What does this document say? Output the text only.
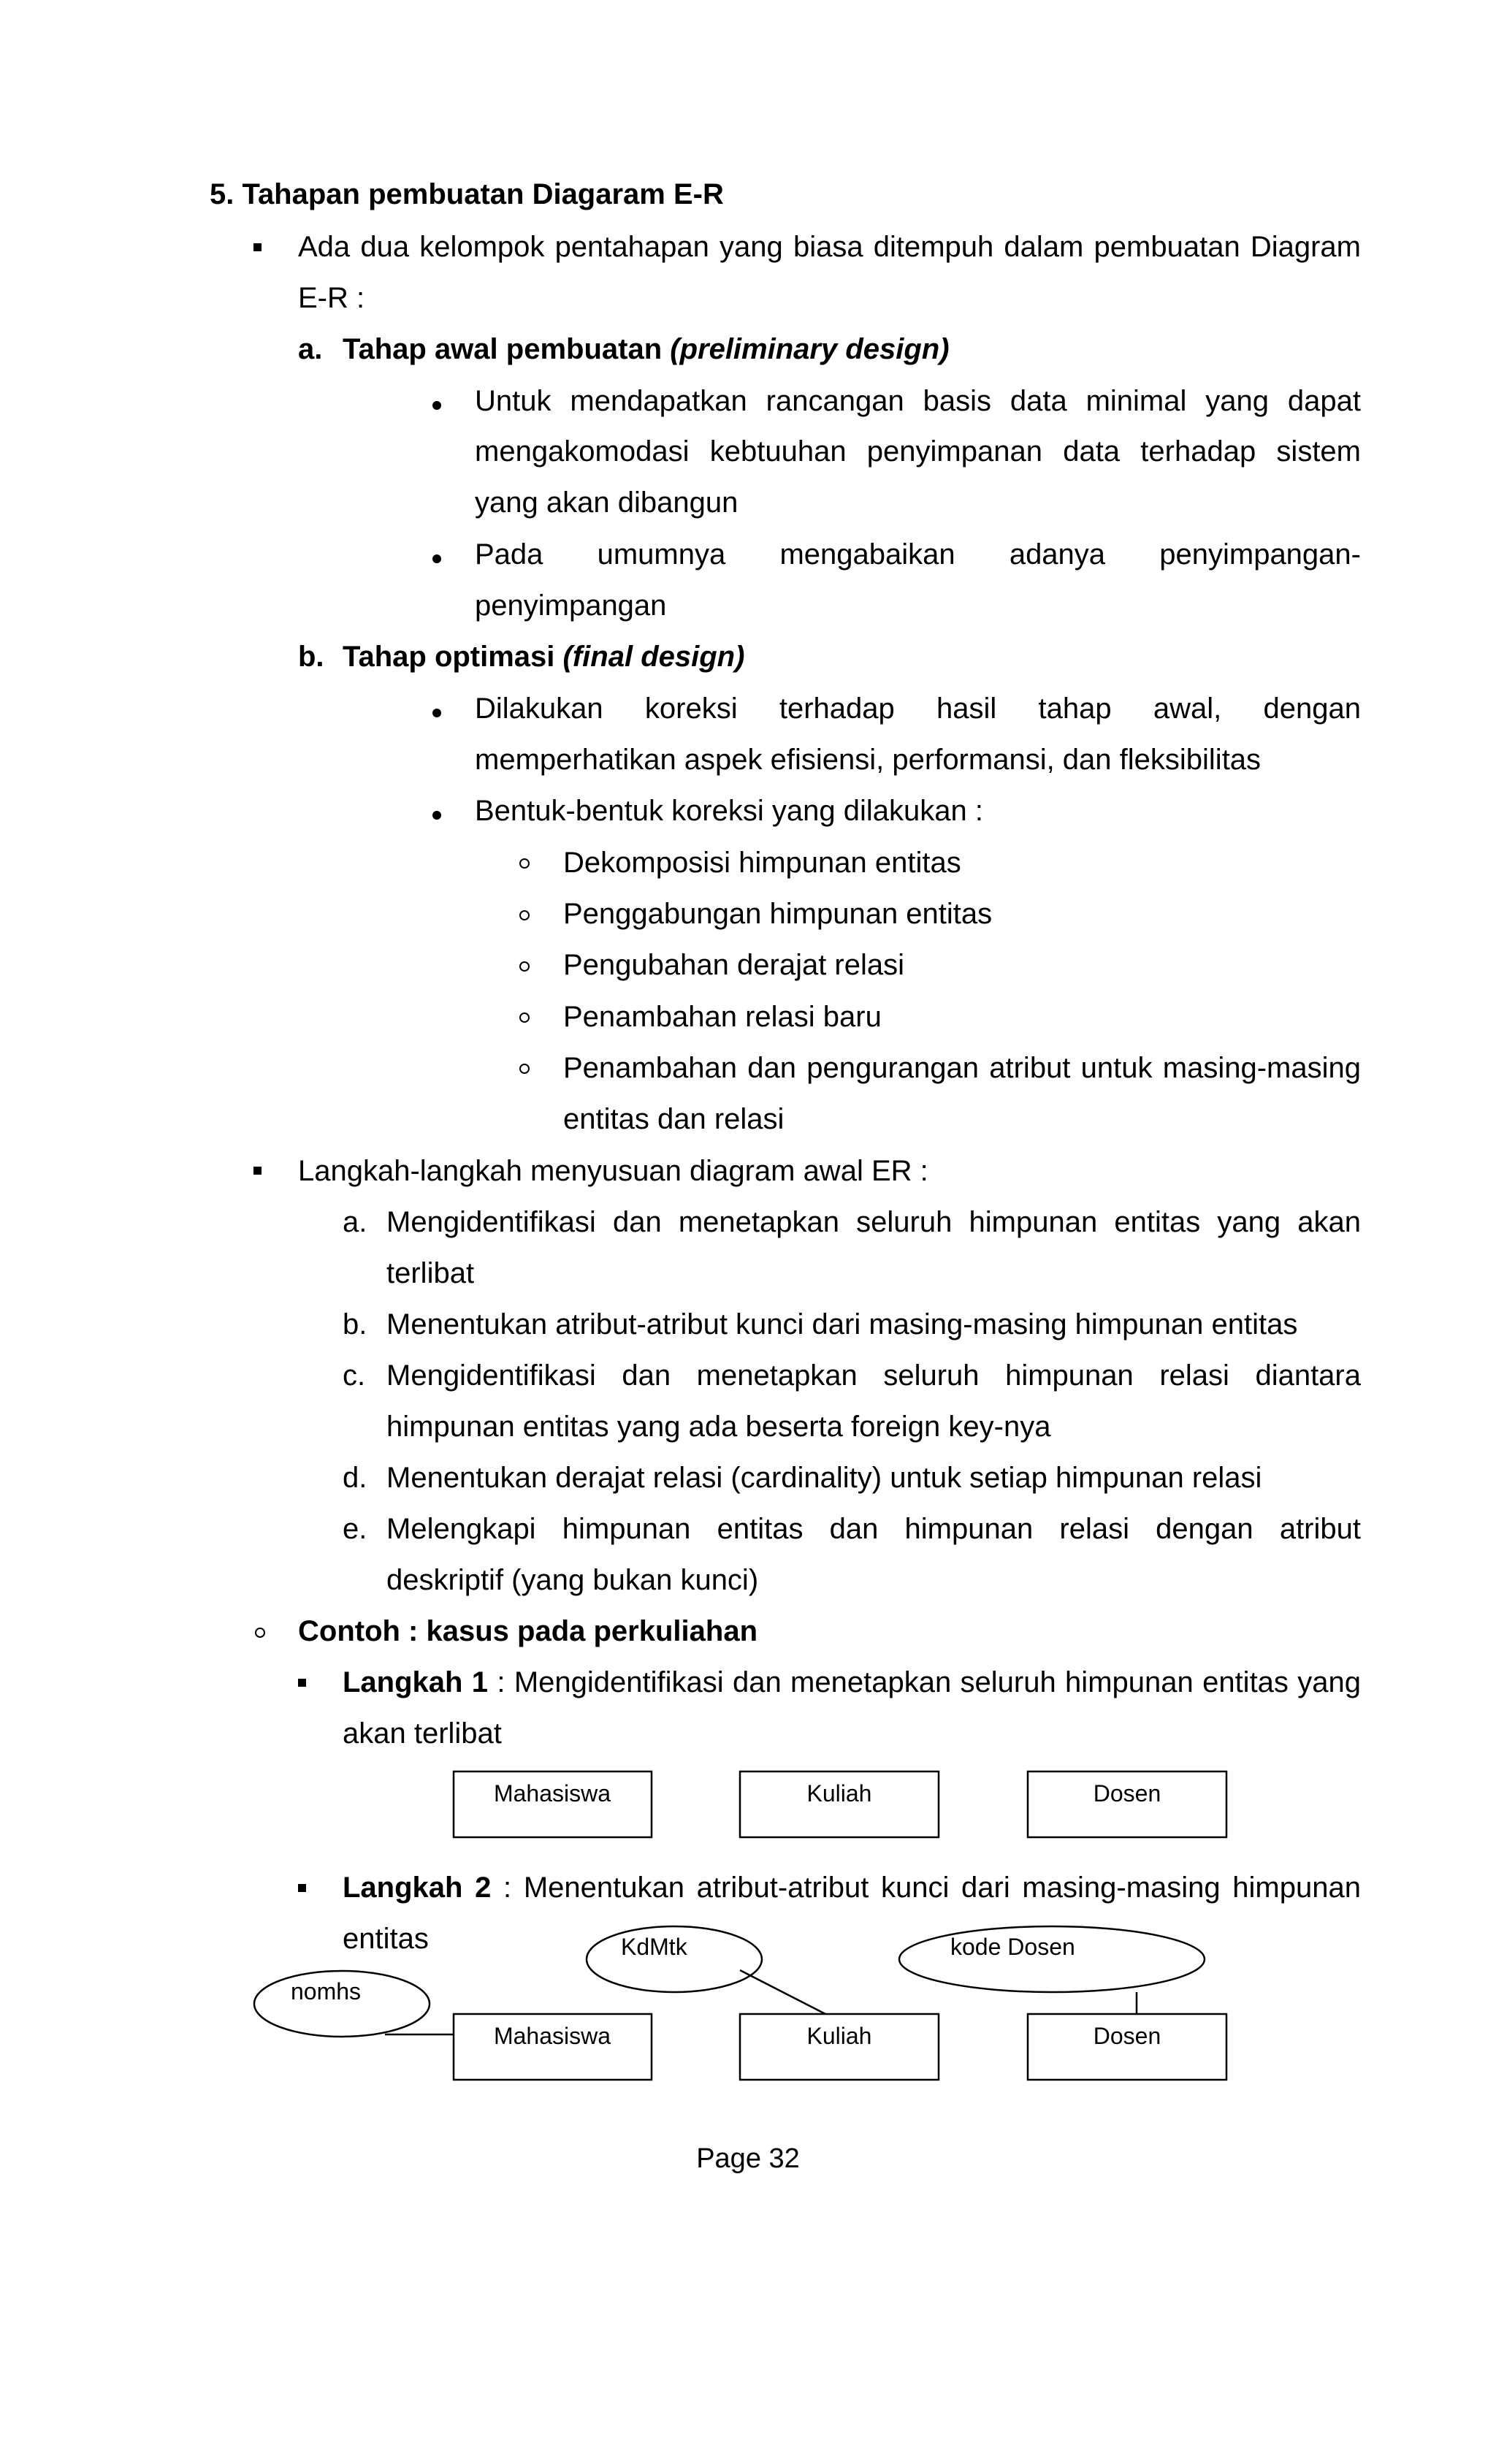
5. Tahapan pembuatan Diagaram E-R
Ada dua kelompok pentahapan yang biasa ditempuh dalam pembuatan Diagram
E-R :
a. Tahap awal pembuatan (preliminary design)
Untuk mendapatkan rancangan basis data minimal yang dapat
mengakomodasi kebtuuhan penyimpanan data terhadap sistem
yang akan dibangun
Pada umumnya mengabaikan adanya penyimpangan-
penyimpangan
b. Tahap optimasi (final design)
Dilakukan koreksi terhadap hasil tahap awal, dengan
memperhatikan aspek efisiensi, performansi, dan fleksibilitas
Bentuk-bentuk koreksi yang dilakukan :
Dekomposisi himpunan entitas
Penggabungan himpunan entitas
Pengubahan derajat relasi
Penambahan relasi baru
Penambahan dan pengurangan atribut untuk masing-masing
entitas dan relasi
Langkah-langkah menyusuan diagram awal ER :
a. Mengidentifikasi dan menetapkan seluruh himpunan entitas yang akan
terlibat
b. Menentukan atribut-atribut kunci dari masing-masing himpunan entitas
c. Mengidentifikasi dan menetapkan seluruh himpunan relasi diantara
himpunan entitas yang ada beserta foreign key-nya
d. Menentukan derajat relasi (cardinality) untuk setiap himpunan relasi
e. Melengkapi himpunan entitas dan himpunan relasi dengan atribut
deskriptif (yang bukan kunci)
Contoh : kasus pada perkuliahan
Langkah 1 : Mengidentifikasi dan menetapkan seluruh himpunan entitas yang
akan terlibat
Mahasiswa	Kuliah	Dosen
Langkah 2 : Menentukan atribut-atribut kunci dari masing-masing himpunan
entitas
nomhs
KdMtk	kode Dosen
Mahasiswa	Kuliah	Dosen
Page 32
